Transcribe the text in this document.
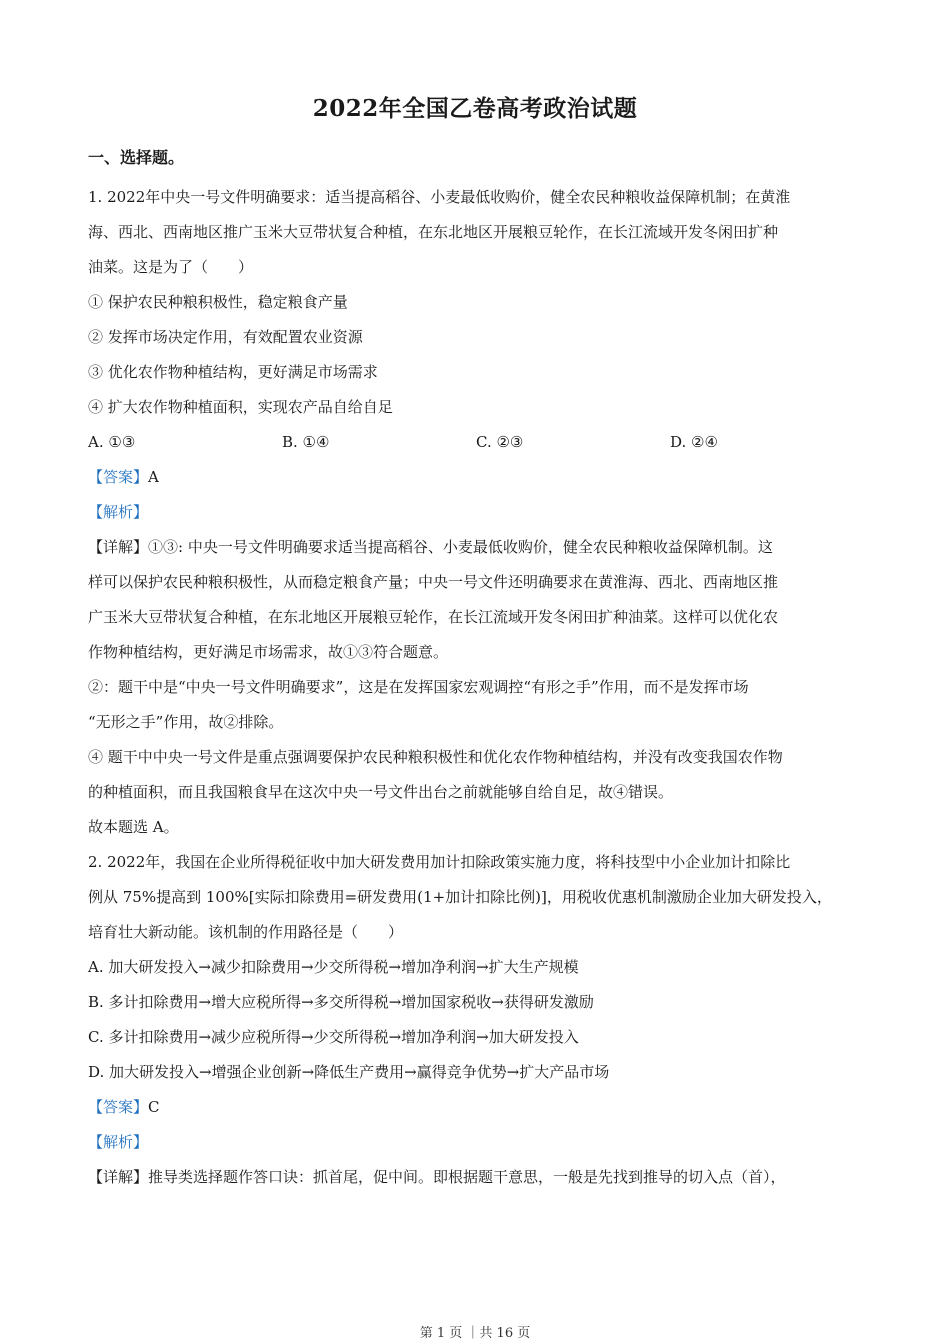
2022年全国乙卷高考政治试题
一、选择题。

1. 2022年中央一号文件明确要求：适当提高稻谷、小麦最低收购价，健全农民种粮收益保障机制；在黄淮

海、西北、西南地区推广玉米大豆带状复合种植，在东北地区开展粮豆轮作，在长江流域开发冬闲田扩种

油菜。这是为了（　　）

① 保护农民种粮积极性，稳定粮食产量

② 发挥市场决定作用，有效配置农业资源

③ 优化农作物种植结构，更好满足市场需求

④ 扩大农作物种植面积，实现农产品自给自足

A. ①③	B. ①④	C. ②③	D. ②④

【答案】A

【解析】

【详解】①③: 中央一号文件明确要求适当提高稻谷、小麦最低收购价，健全农民种粮收益保障机制。这

样可以保护农民种粮积极性，从而稳定粮食产量；中央一号文件还明确要求在黄淮海、西北、西南地区推

广玉米大豆带状复合种植，在东北地区开展粮豆轮作，在长江流域开发冬闲田扩种油菜。这样可以优化农

作物种植结构，更好满足市场需求，故①③符合题意。

②：题干中是“中央一号文件明确要求”，这是在发挥国家宏观调控“有形之手”作用，而不是发挥市场

“无形之手”作用，故②排除。

④ 题干中中央一号文件是重点强调要保护农民种粮积极性和优化农作物种植结构，并没有改变我国农作物

的种植面积，而且我国粮食早在这次中央一号文件出台之前就能够自给自足，故④错误。

故本题选 A。

2. 2022年，我国在企业所得税征收中加大研发费用加计扣除政策实施力度，将科技型中小企业加计扣除比

例从 75%提高到 100%[实际扣除费用=研发费用(1+加计扣除比例)]，用税收优惠机制激励企业加大研发投入，

培育壮大新动能。该机制的作用路径是（　　）

A. 加大研发投入→减少扣除费用→少交所得税→增加净利润→扩大生产规模

B. 多计扣除费用→增大应税所得→多交所得税→增加国家税收→获得研发激励

C. 多计扣除费用→减少应税所得→少交所得税→增加净利润→加大研发投入

D. 加大研发投入→增强企业创新→降低生产费用→赢得竞争优势→扩大产品市场

【答案】C

【解析】

【详解】推导类选择题作答口诀：抓首尾，促中间。即根据题干意思，一般是先找到推导的切入点（首），

第 1 页 ｜共 16 页
